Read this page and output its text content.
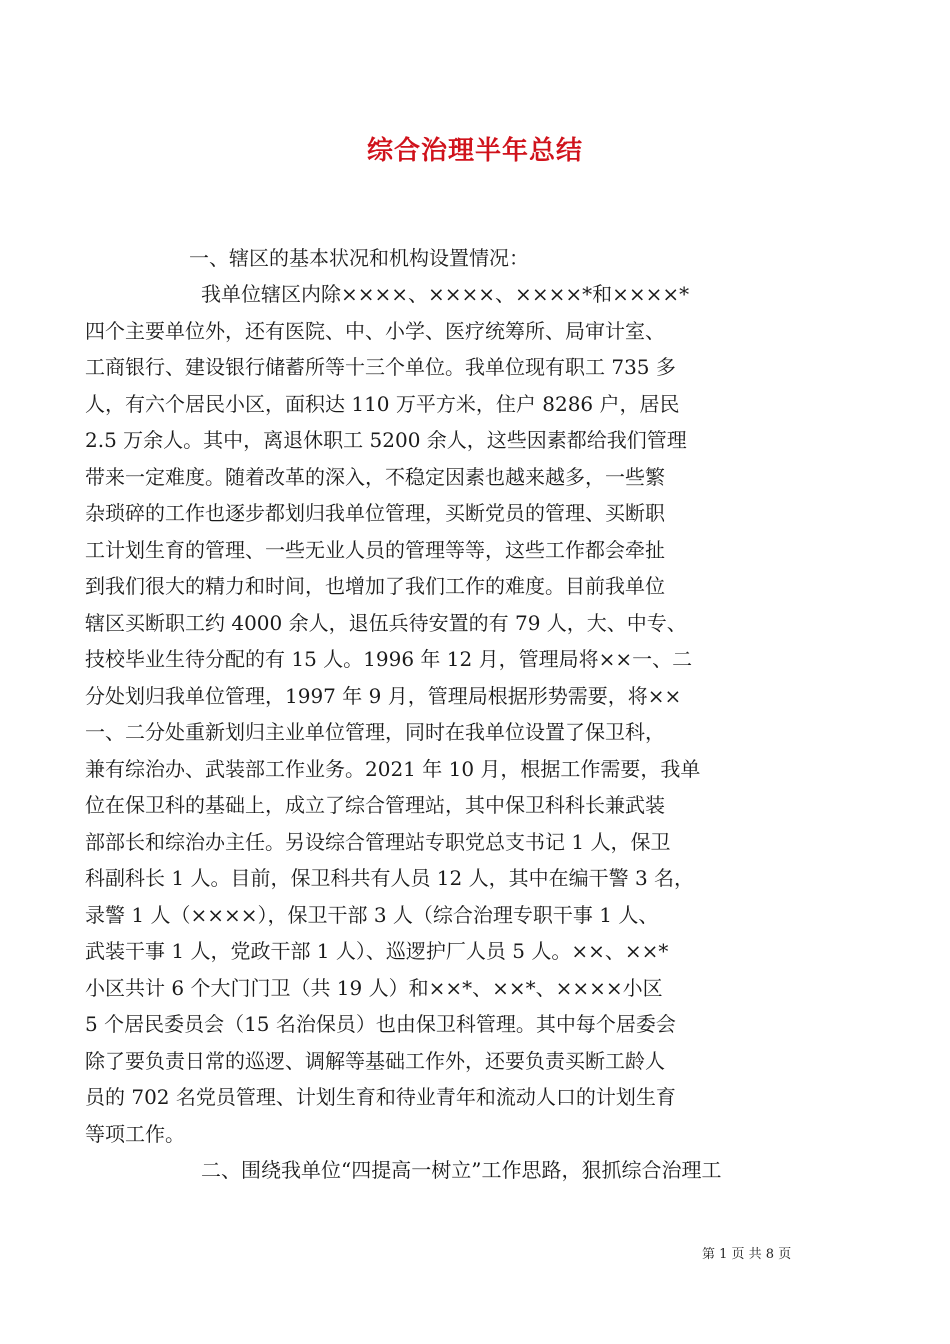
综合治理半年总结

一、辖区的基本状况和机构设置情况：

我单位辖区内除××××、××××、××××*和××××*
四个主要单位外，还有医院、中、小学、医疗统筹所、局审计室、
工商银行、建设银行储蓄所等十三个单位。我单位现有职工 735 多
人，有六个居民小区，面积达 110 万平方米，住户 8286 户，居民
2.5 万余人。其中，离退休职工 5200 余人，这些因素都给我们管理
带来一定难度。随着改革的深入，不稳定因素也越来越多，一些繁
杂琐碎的工作也逐步都划归我单位管理，买断党员的管理、买断职
工计划生育的管理、一些无业人员的管理等等，这些工作都会牵扯
到我们很大的精力和时间，也增加了我们工作的难度。目前我单位
辖区买断职工约 4000 余人，退伍兵待安置的有 79 人，大、中专、
技校毕业生待分配的有 15 人。1996 年 12 月，管理局将××一、二
分处划归我单位管理，1997 年 9 月，管理局根据形势需要，将××
一、二分处重新划归主业单位管理，同时在我单位设置了保卫科，
兼有综治办、武装部工作业务。2021 年 10 月，根据工作需要，我单
位在保卫科的基础上，成立了综合管理站，其中保卫科科长兼武装
部部长和综治办主任。另设综合管理站专职党总支书记 1 人，保卫
科副科长 1 人。目前，保卫科共有人员 12 人，其中在编干警 3 名，
录警 1 人（××××），保卫干部 3 人（综合治理专职干事 1 人、
武装干事 1 人，党政干部 1 人）、巡逻护厂人员 5 人。××、××*
小区共计 6 个大门门卫（共 19 人）和××*、××*、××××小区
5 个居民委员会（15 名治保员）也由保卫科管理。其中每个居委会
除了要负责日常的巡逻、调解等基础工作外，还要负责买断工龄人
员的 702 名党员管理、计划生育和待业青年和流动人口的计划生育
等项工作。

二、围绕我单位“四提高一树立”工作思路，狠抓综合治理工

第 1 页 共 8 页
